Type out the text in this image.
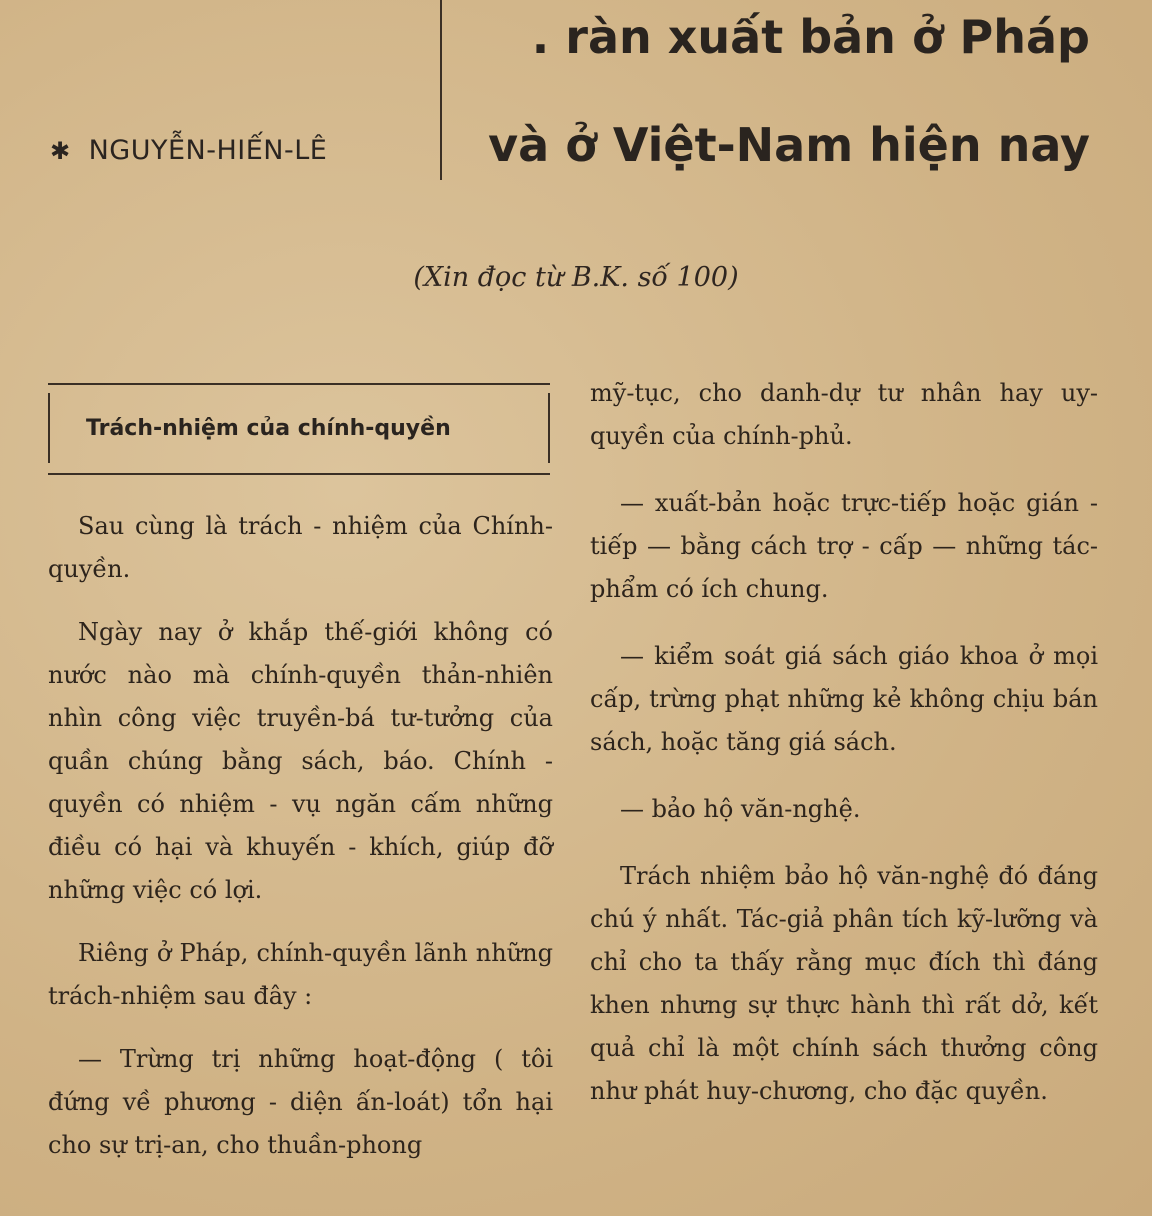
✱ NGUYỄN-HIẾN-LÊ
. ràn xuất bản ở Pháp
và ở Việt-Nam hiện nay
(Xin đọc từ B.K. số 100)
Trách-nhiệm của chính-quyền

Sau cùng là trách - nhiệm của Chính-quyền.

Ngày nay ở khắp thế-giới không có nước nào mà chính-quyền thản-nhiên nhìn công việc truyền-bá tư-tưởng của quần chúng bằng sách, báo. Chính - quyền có nhiệm - vụ ngăn cấm những điều có hại và khuyến - khích, giúp đỡ những việc có lợi.

Riêng ở Pháp, chính-quyền lãnh những trách-nhiệm sau đây :

— Trừng trị những hoạt-động ( tôi đứng về phương - diện ấn-loát) tổn hại cho sự trị-an, cho thuần-phong

mỹ-tục, cho danh-dự tư nhân hay uy-quyền của chính-phủ.

— xuất-bản hoặc trực-tiếp hoặc gián - tiếp — bằng cách trợ - cấp — những tác-phẩm có ích chung.

— kiểm soát giá sách giáo khoa ở mọi cấp, trừng phạt những kẻ không chịu bán sách, hoặc tăng giá sách.

— bảo hộ văn-nghệ.

Trách nhiệm bảo hộ văn-nghệ đó đáng chú ý nhất. Tác-giả phân tích kỹ-lưỡng và chỉ cho ta thấy rằng mục đích thì đáng khen nhưng sự thực hành thì rất dở, kết quả chỉ là một chính sách thưởng công như phát huy-chương, cho đặc quyền.
